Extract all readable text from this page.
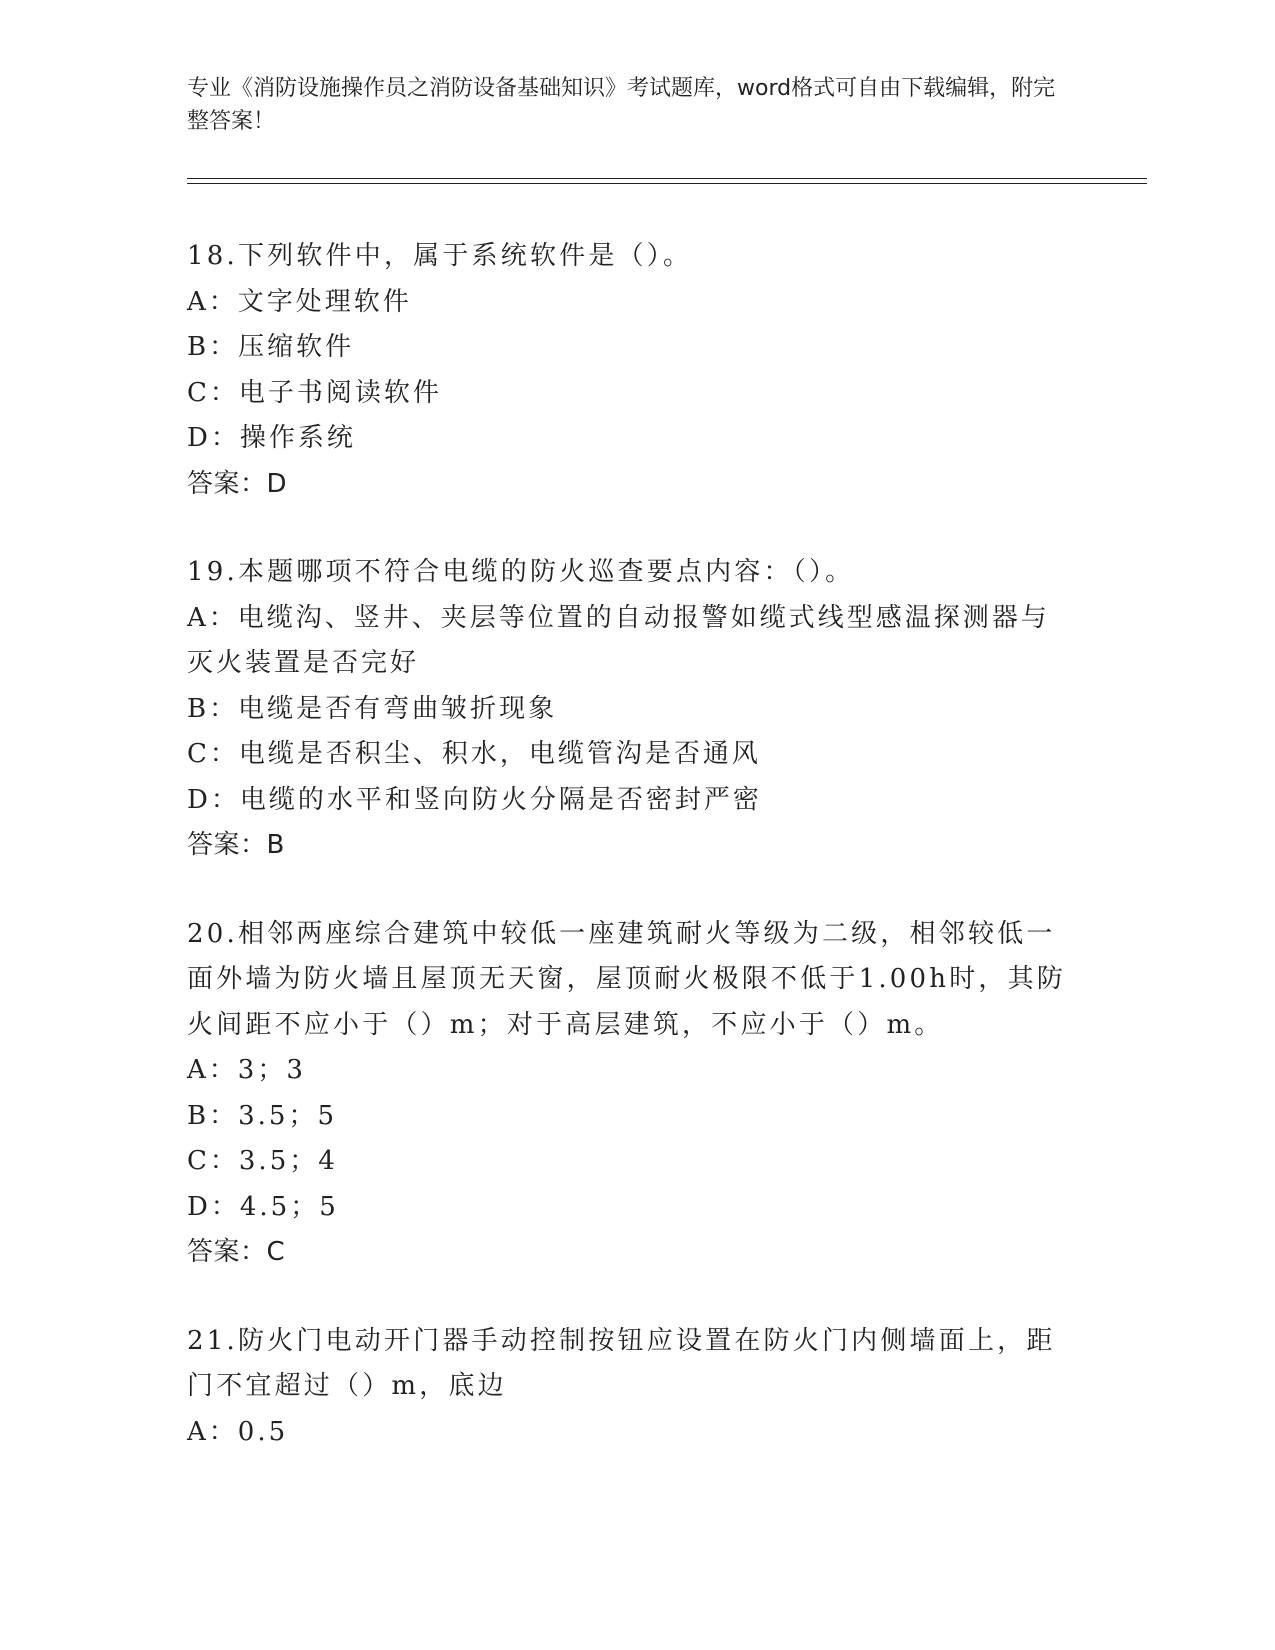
专业《消防设施操作员之消防设备基础知识》考试题库，word格式可自由下载编辑，附完整答案！
18.下列软件中，属于系统软件是（）。
A：文字处理软件
B：压缩软件
C：电子书阅读软件
D：操作系统
答案：D
19.本题哪项不符合电缆的防火巡查要点内容：（）。
A：电缆沟、竖井、夹层等位置的自动报警如缆式线型感温探测器与灭火装置是否完好
B：电缆是否有弯曲皱折现象
C：电缆是否积尘、积水，电缆管沟是否通风
D：电缆的水平和竖向防火分隔是否密封严密
答案：B
20.相邻两座综合建筑中较低一座建筑耐火等级为二级，相邻较低一面外墙为防火墙且屋顶无天窗，屋顶耐火极限不低于1.00h时，其防火间距不应小于（）m；对于高层建筑，不应小于（）m。
A：3；3
B：3.5；5
C：3.5；4
D：4.5；5
答案：C
21.防火门电动开门器手动控制按钮应设置在防火门内侧墙面上，距门不宜超过（）m，底边
A：0.5
